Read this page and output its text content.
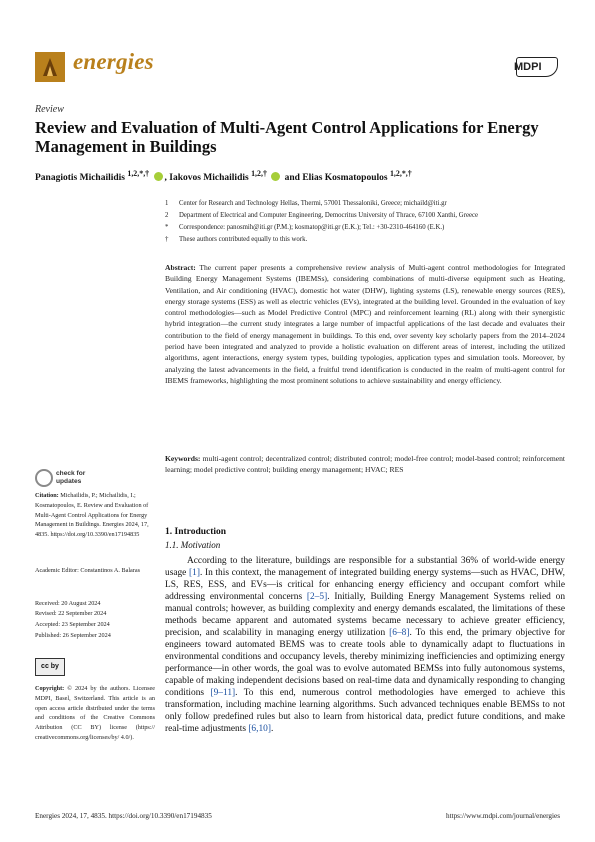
energies	MDPI
Review
Review and Evaluation of Multi-Agent Control Applications for Energy Management in Buildings
Panagiotis Michailidis $^{1,2,*,\dagger}$ , Iakovos Michailidis $^{1,2,\dagger}$ and Elias Kosmatopoulos $^{1,2,*,\dagger}$
1 Center for Research and Technology Hellas, Thermi, 57001 Thessaloniki, Greece; michaild@iti.gr
2 Department of Electrical and Computer Engineering, Democritus University of Thrace, 67100 Xanthi, Greece
* Correspondence: panosmih@iti.gr (P.M.); kosmatop@iti.gr (E.K.); Tel.: +30-2310-464160 (E.K.)
† These authors contributed equally to this work.
Abstract: The current paper presents a comprehensive review analysis of Multi-agent control methodologies for Integrated Building Energy Management Systems (IBEMSs), considering combinations of multi-diverse equipment such as Heating, Ventilation, and Air conditioning (HVAC), domestic hot water (DHW), lighting systems (LS), renewable energy sources (RES), energy storage systems (ESS) as well as electric vehicles (EVs), integrated at the building level. Grounded in the evaluation of key control methodologies—such as Model Predictive Control (MPC) and reinforcement learning (RL) along with their synergistic hybrid integration—the current study integrates a large number of impactful applications of the last decade and evaluates their contribution to the field of energy management in buildings. To this end, over seventy key scholarly papers from the 2014–2024 period have been integrated and analyzed to provide a holistic evaluation on different areas of interest, including the utilized algorithms, agent interactions, energy system types, building typologies, application types and simulation tools. Moreover, by analyzing the latest advancements in the field, a fruitful trend identification is conducted in the realm of multi-agent control for IBEMS frameworks, highlighting the most prominent solutions to achieve sustainability and energy efficiency.
Keywords: multi-agent control; decentralized control; distributed control; model-free control; model-based control; reinforcement learning; model predictive control; building energy management; HVAC; RES
check for
updates
Citation: Michailidis, P.; Michailidis, I.; Kosmatopoulos, E. Review and Evaluation of Multi-Agent Control Applications for Energy Management in Buildings. Energies 2024, 17, 4835. https://doi.org/10.3390/en17194835
Academic Editor: Constantinos A. Balaras
Received: 20 August 2024
Revised: 22 September 2024
Accepted: 23 September 2024
Published: 26 September 2024
cc by
Copyright: © 2024 by the authors. Licensee MDPI, Basel, Switzerland. This article is an open access article distributed under the terms and conditions of the Creative Commons Attribution (CC BY) license (https:// creativecommons.org/licenses/by/ 4.0/).
1. Introduction
1.1. Motivation
According to the literature, buildings are responsible for a substantial 36% of world-wide energy usage [1]. In this context, the management of integrated building energy systems—such as HVAC, DHW, LS, RES, ESS, and EVs—is critical for enhancing energy efficiency and occupant comfort while addressing environmental concerns [2–5]. Initially, Building Energy Management Systems relied on manual controls; however, as building complexity and energy demands escalated, the limitations of these methods became apparent and automated systems became necessary to achieve greater efficiency, precision, and scalability in managing energy utilization [6–8]. To this end, the primary objective for engineers toward automated BEMS was to create tools able to dynamically adapt to fluctuations in environmental conditions and occupancy levels, thereby minimizing inefficiencies and optimizing energy performance—in other words, the goal was to evolve automated BEMSs into fully autonomous systems, capable of making independent decisions based on real-time data and dynamically responding to changing conditions [9–11]. To this end, numerous control methodologies have emerged to achieve this transformation, including machine learning algorithms. Such advanced techniques enable BEMSs to not only follow predefined rules but also to learn from historical data, predict future conditions, and make real-time adjustments [6,10].
Energies 2024, 17, 4835. https://doi.org/10.3390/en17194835	https://www.mdpi.com/journal/energies
